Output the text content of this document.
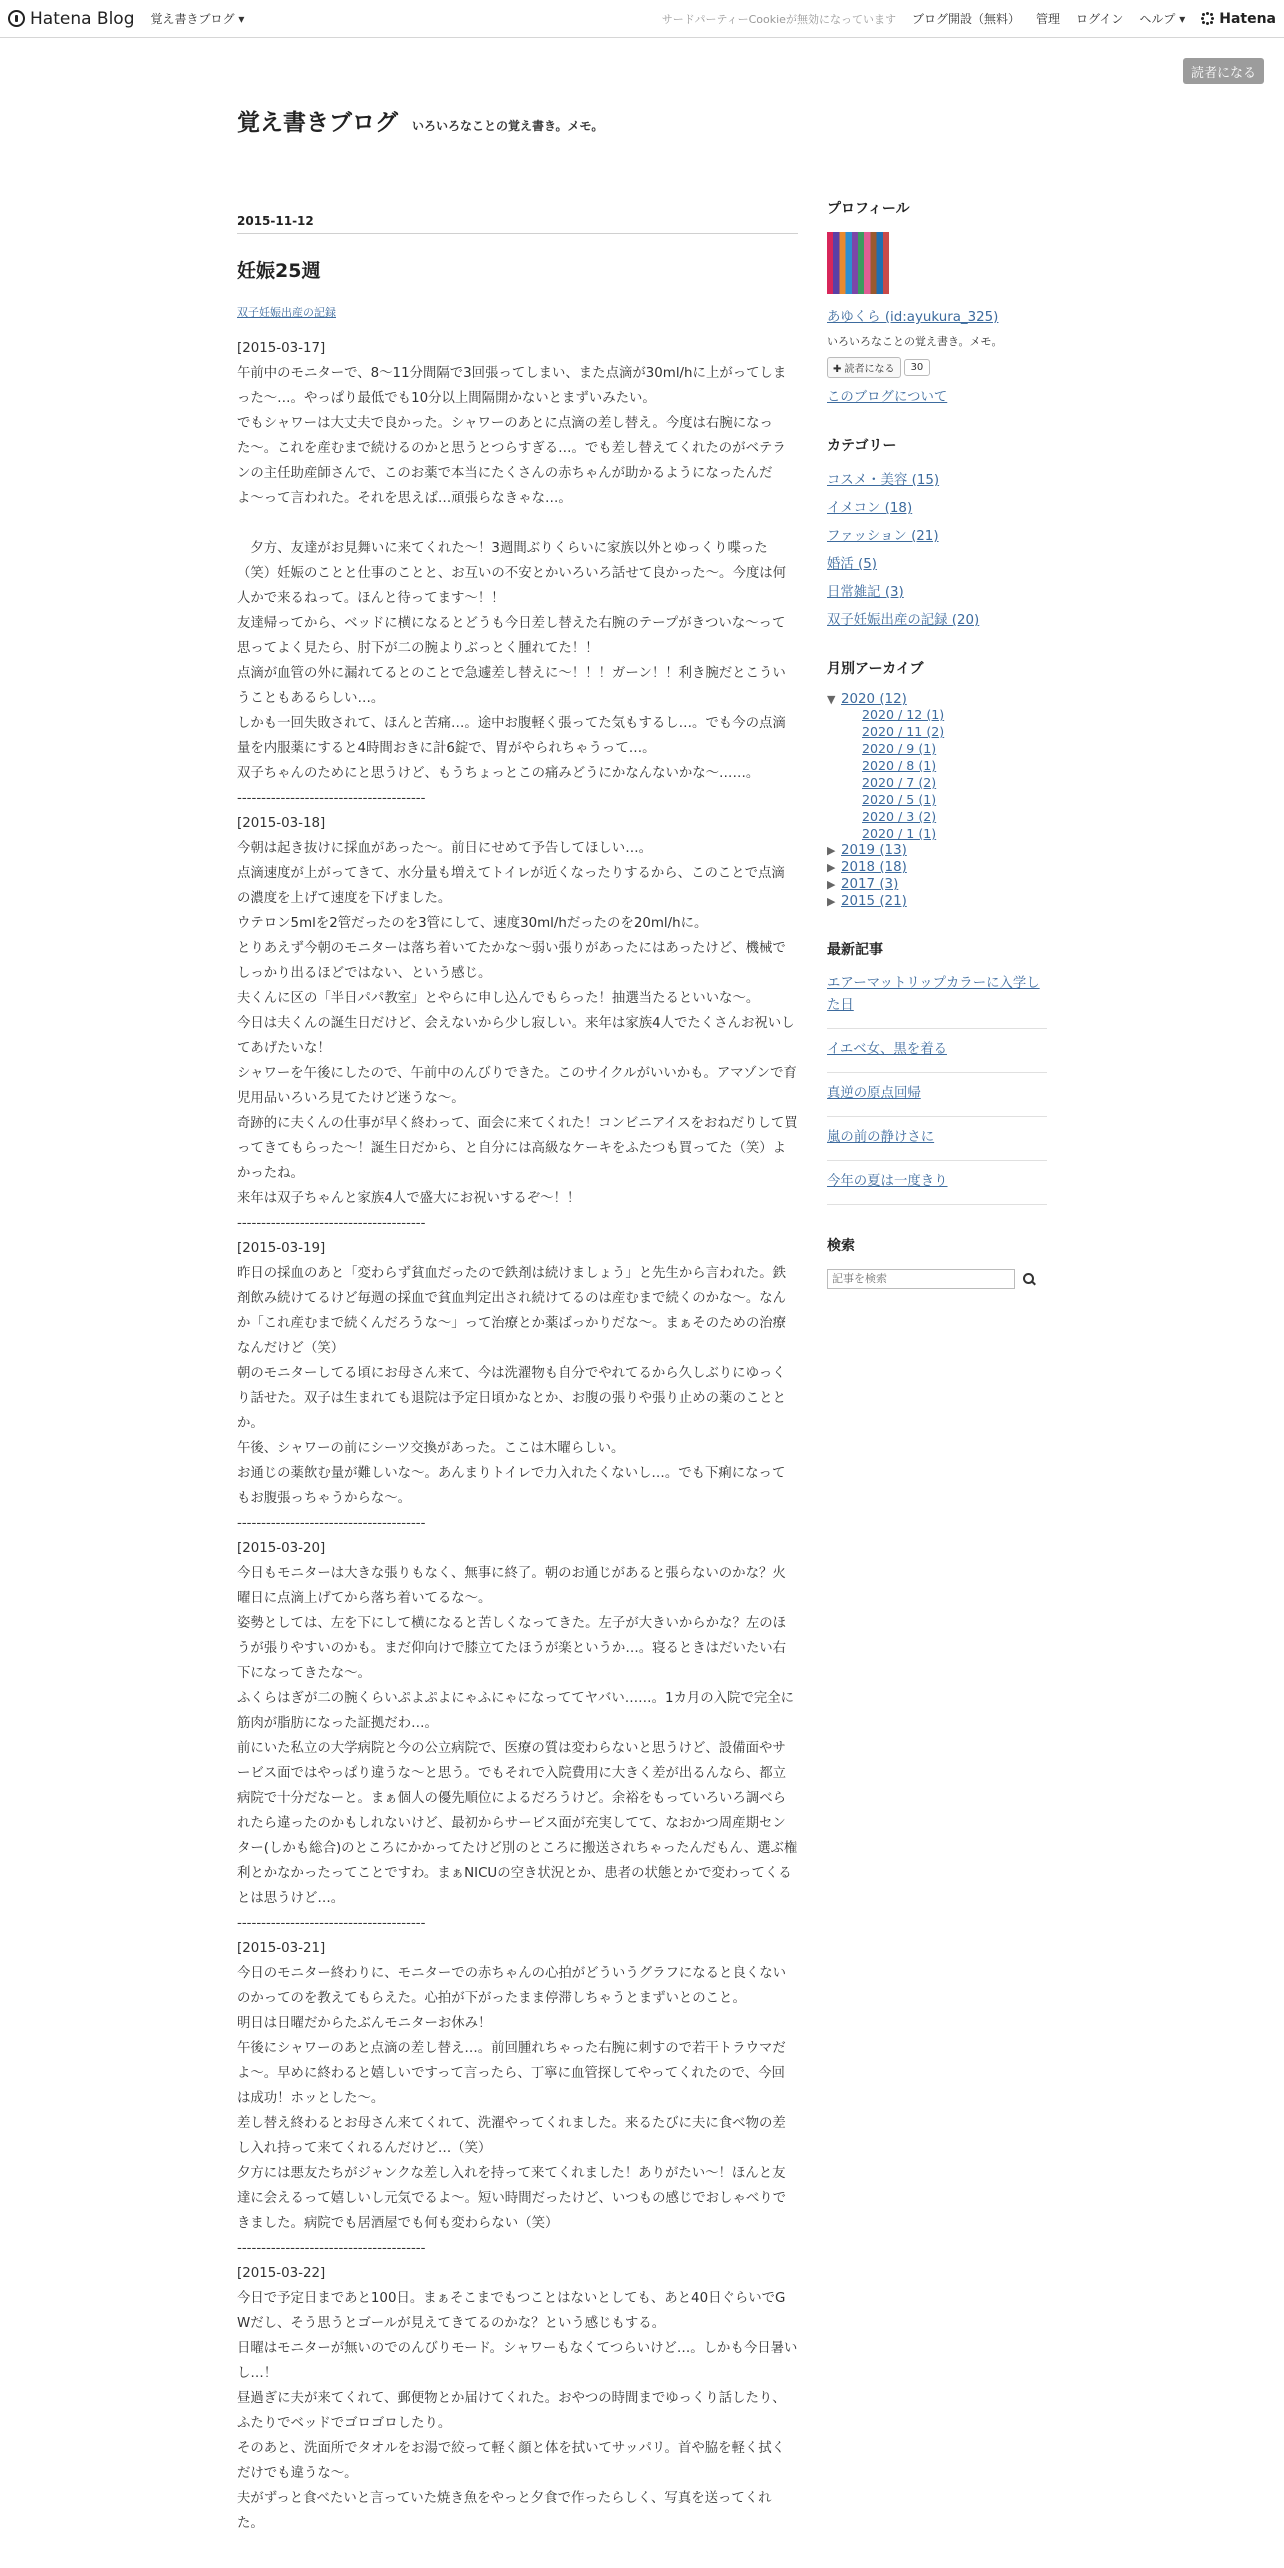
Hatena Blog 覚え書きブログ ▾	サードパーティーCookieが無効になっています ブログ開設（無料） 管理 ログイン ヘルプ ▾ Hatena
読者になる
覚え書きブログ いろいろなことの覚え書き。メモ。
2015-11-12
妊娠25週
双子妊娠出産の記録
[2015-03-17]
午前中のモニターで、8〜11分間隔で3回張ってしまい、また点滴が30ml/hに上がってしまった〜…。やっぱり最低でも10分以上間隔開かないとまずいみたい。
でもシャワーは大丈夫で良かった。シャワーのあとに点滴の差し替え。今度は右腕になった〜。これを産むまで続けるのかと思うとつらすぎる…。でも差し替えてくれたのがベテランの主任助産師さんで、このお薬で本当にたくさんの赤ちゃんが助かるようになったんだよ〜って言われた。それを思えば…頑張らなきゃな…。

　夕方、友達がお見舞いに来てくれた〜！3週間ぶりくらいに家族以外とゆっくり喋った（笑）妊娠のことと仕事のことと、お互いの不安とかいろいろ話せて良かった〜。今度は何人かで来るねって。ほんと待ってます〜！！
友達帰ってから、ベッドに横になるとどうも今日差し替えた右腕のテープがきついな〜って思ってよく見たら、肘下が二の腕よりぶっとく腫れてた！！
点滴が血管の外に漏れてるとのことで急遽差し替えに〜！！！ガーン！！利き腕だとこういうこともあるらしい…。
しかも一回失敗されて、ほんと苦痛…。途中お腹軽く張ってた気もするし…。でも今の点滴量を内服薬にすると4時間おきに計6錠で、胃がやられちゃうって…。
双子ちゃんのためにと思うけど、もうちょっとこの痛みどうにかなんないかな〜……。
---------------------------------------
[2015-03-18]
今朝は起き抜けに採血があった〜。前日にせめて予告してほしい…。
点滴速度が上がってきて、水分量も増えてトイレが近くなったりするから、このことで点滴の濃度を上げて速度を下げました。
ウテロン5mlを2管だったのを3管にして、速度30ml/hだったのを20ml/hに。
とりあえず今朝のモニターは落ち着いてたかな〜弱い張りがあったにはあったけど、機械でしっかり出るほどではない、という感じ。
夫くんに区の「半日パパ教室」とやらに申し込んでもらった！抽選当たるといいな〜。
今日は夫くんの誕生日だけど、会えないから少し寂しい。来年は家族4人でたくさんお祝いしてあげたいな！
シャワーを午後にしたので、午前中のんびりできた。このサイクルがいいかも。アマゾンで育児用品いろいろ見てたけど迷うな〜。
奇跡的に夫くんの仕事が早く終わって、面会に来てくれた！コンビニアイスをおねだりして買ってきてもらった〜！誕生日だから、と自分には高級なケーキをふたつも買ってた（笑）よかったね。
来年は双子ちゃんと家族4人で盛大にお祝いするぞ〜！！
---------------------------------------
[2015-03-19]
昨日の採血のあと「変わらず貧血だったので鉄剤は続けましょう」と先生から言われた。鉄剤飲み続けてるけど毎週の採血で貧血判定出され続けてるのは産むまで続くのかな〜。なんか「これ産むまで続くんだろうな〜」って治療とか薬ばっかりだな〜。まぁそのための治療なんだけど（笑）
朝のモニターしてる頃にお母さん来て、今は洗濯物も自分でやれてるから久しぶりにゆっくり話せた。双子は生まれても退院は予定日頃かなとか、お腹の張りや張り止めの薬のこととか。
午後、シャワーの前にシーツ交換があった。ここは木曜らしい。
お通じの薬飲む量が難しいな〜。あんまりトイレで力入れたくないし…。でも下痢になってもお腹張っちゃうからな〜。
---------------------------------------
[2015-03-20]
今日もモニターは大きな張りもなく、無事に終了。朝のお通じがあると張らないのかな？火曜日に点滴上げてから落ち着いてるな〜。
姿勢としては、左を下にして横になると苦しくなってきた。左子が大きいからかな？左のほうが張りやすいのかも。まだ仰向けで膝立てたほうが楽というか…。寝るときはだいたい右下になってきたな〜。
ふくらはぎが二の腕くらいぷよぷよにゃふにゃになっててヤバい……。1カ月の入院で完全に筋肉が脂肪になった証拠だわ…。
前にいた私立の大学病院と今の公立病院で、医療の質は変わらないと思うけど、設備面やサービス面ではやっぱり違うな〜と思う。でもそれで入院費用に大きく差が出るんなら、都立病院で十分だなーと。まぁ個人の優先順位によるだろうけど。余裕をもっていろいろ調べられたら違ったのかもしれないけど、最初からサービス面が充実してて、なおかつ周産期センター(しかも総合)のところにかかってたけど別のところに搬送されちゃったんだもん、選ぶ権利とかなかったってことですわ。まぁNICUの空き状況とか、患者の状態とかで変わってくるとは思うけど…。
---------------------------------------
[2015-03-21]
今日のモニター終わりに、モニターでの赤ちゃんの心拍がどういうグラフになると良くないのかってのを教えてもらえた。心拍が下がったまま停滞しちゃうとまずいとのこと。
明日は日曜だからたぶんモニターお休み！
午後にシャワーのあと点滴の差し替え…。前回腫れちゃった右腕に刺すので若干トラウマだよ〜。早めに終わると嬉しいですって言ったら、丁寧に血管探してやってくれたので、今回は成功！ホッとした〜。
差し替え終わるとお母さん来てくれて、洗濯やってくれました。来るたびに夫に食べ物の差し入れ持って来てくれるんだけど…（笑）
夕方には悪友たちがジャンクな差し入れを持って来てくれました！ありがたい〜！ほんと友達に会えるって嬉しいし元気でるよ〜。短い時間だったけど、いつもの感じでおしゃべりできました。病院でも居酒屋でも何も変わらない（笑）
---------------------------------------
[2015-03-22]
今日で予定日まであと100日。まぁそこまでもつことはないとしても、あと40日ぐらいでGWだし、そう思うとゴールが見えてきてるのかな？という感じもする。
日曜はモニターが無いのでのんびりモード。シャワーもなくてつらいけど…。しかも今日暑いし…！
昼過ぎに夫が来てくれて、郵便物とか届けてくれた。おやつの時間までゆっくり話したり、ふたりでベッドでゴロゴロしたり。
そのあと、洗面所でタオルをお湯で絞って軽く顔と体を拭いてサッパリ。首や脇を軽く拭くだけでも違うな〜。
夫がずっと食べたいと言っていた焼き魚をやっと夕食で作ったらしく、写真を送ってくれた。
プロフィール
あゆくら (id:ayukura_325)
いろいろなことの覚え書き。メモ。
✚ 読者になる	30
このブログについて
カテゴリー
コスメ・美容 (15)
イメコン (18)
ファッション (21)
婚活 (5)
日常雑記 (3)
双子妊娠出産の記録 (20)
月別アーカイブ
▼ 2020 (12)
2020 / 12 (1)
2020 / 11 (2)
2020 / 9 (1)
2020 / 8 (1)
2020 / 7 (2)
2020 / 5 (1)
2020 / 3 (2)
2020 / 1 (1)
▶ 2019 (13)
▶ 2018 (18)
▶ 2017 (3)
▶ 2015 (21)
最新記事
エアーマットリップカラーに入学した日
イエベ女、黒を着る
真逆の原点回帰
嵐の前の静けさに
今年の夏は一度きり
検索
記事を検索
